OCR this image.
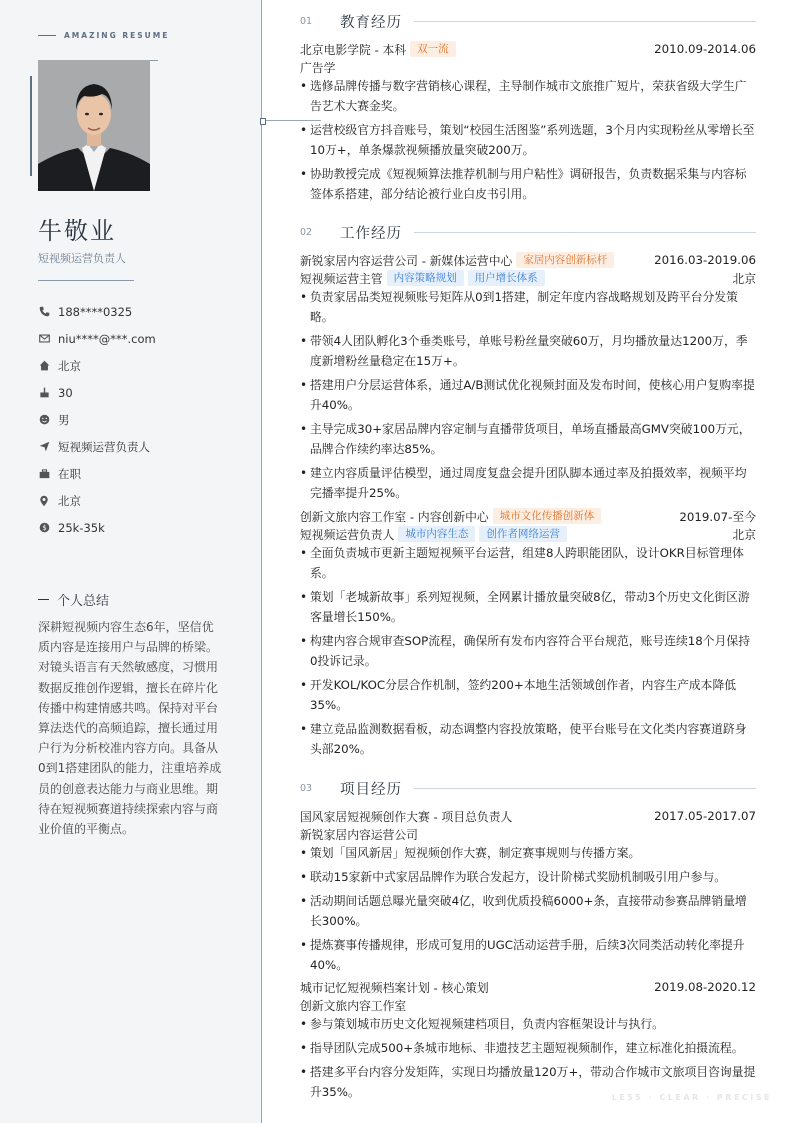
AMAZING RESUME
牛敬业
短视频运营负责人
188****0325
niu****@***.com
北京
30
男
短视频运营负责人
在职
北京
$ 25k-35k
个人总结
深耕短视频内容生态6年，坚信优质内容是连接用户与品牌的桥梁。对镜头语言有天然敏感度，习惯用数据反推创作逻辑，擅长在碎片化传播中构建情感共鸣。保持对平台算法迭代的高频追踪，擅长通过用户行为分析校准内容方向。具备从0到1搭建团队的能力，注重培养成员的创意表达能力与商业思维。期待在短视频赛道持续探索内容与商业价值的平衡点。
01	教育经历
北京电影学院 - 本科	双一流	2010.09-2014.06
广告学
• 选修品牌传播与数字营销核心课程，主导制作城市文旅推广短片，荣获省级大学生广告艺术大赛金奖。
• 运营校级官方抖音账号，策划“校园生活图鉴”系列选题，3个月内实现粉丝从零增长至10万+，单条爆款视频播放量突破200万。
• 协助教授完成《短视频算法推荐机制与用户粘性》调研报告，负责数据采集与内容标签体系搭建，部分结论被行业白皮书引用。
02	工作经历
新锐家居内容运营公司 - 新媒体运营中心	家居内容创新标杆	2016.03-2019.06
短视频运营主管	内容策略规划	用户增长体系	北京
• 负责家居品类短视频账号矩阵从0到1搭建，制定年度内容战略规划及跨平台分发策略。
• 带领4人团队孵化3个垂类账号，单账号粉丝量突破60万，月均播放量达1200万，季度新增粉丝量稳定在15万+。
• 搭建用户分层运营体系，通过A/B测试优化视频封面及发布时间，使核心用户复购率提升40%。
• 主导完成30+家居品牌内容定制与直播带货项目，单场直播最高GMV突破100万元，品牌合作续约率达85%。
• 建立内容质量评估模型，通过周度复盘会提升团队脚本通过率及拍摄效率，视频平均完播率提升25%。
创新文旅内容工作室 - 内容创新中心	城市文化传播创新体	2019.07-至今
短视频运营负责人	城市内容生态	创作者网络运营	北京
• 全面负责城市更新主题短视频平台运营，组建8人跨职能团队，设计OKR目标管理体系。
• 策划「老城新故事」系列短视频，全网累计播放量突破8亿，带动3个历史文化街区游客量增长150%。
• 构建内容合规审查SOP流程，确保所有发布内容符合平台规范，账号连续18个月保持0投诉记录。
• 开发KOL/KOC分层合作机制，签约200+本地生活领域创作者，内容生产成本降低35%。
• 建立竞品监测数据看板，动态调整内容投放策略，使平台账号在文化类内容赛道跻身头部20%。
03	项目经历
国风家居短视频创作大赛 - 项目总负责人	2017.05-2017.07
新锐家居内容运营公司
• 策划「国风新居」短视频创作大赛，制定赛事规则与传播方案。
• 联动15家新中式家居品牌作为联合发起方，设计阶梯式奖励机制吸引用户参与。
• 活动期间话题总曝光量突破4亿，收到优质投稿6000+条，直接带动参赛品牌销量增长300%。
• 提炼赛事传播规律，形成可复用的UGC活动运营手册，后续3次同类活动转化率提升40%。
城市记忆短视频档案计划 - 核心策划	2019.08-2020.12
创新文旅内容工作室
• 参与策划城市历史文化短视频建档项目，负责内容框架设计与执行。
• 指导团队完成500+条城市地标、非遗技艺主题短视频制作，建立标准化拍摄流程。
• 搭建多平台内容分发矩阵，实现日均播放量120万+，带动合作城市文旅项目咨询量提升35%。	LESS · CLEAR · PRECISE
